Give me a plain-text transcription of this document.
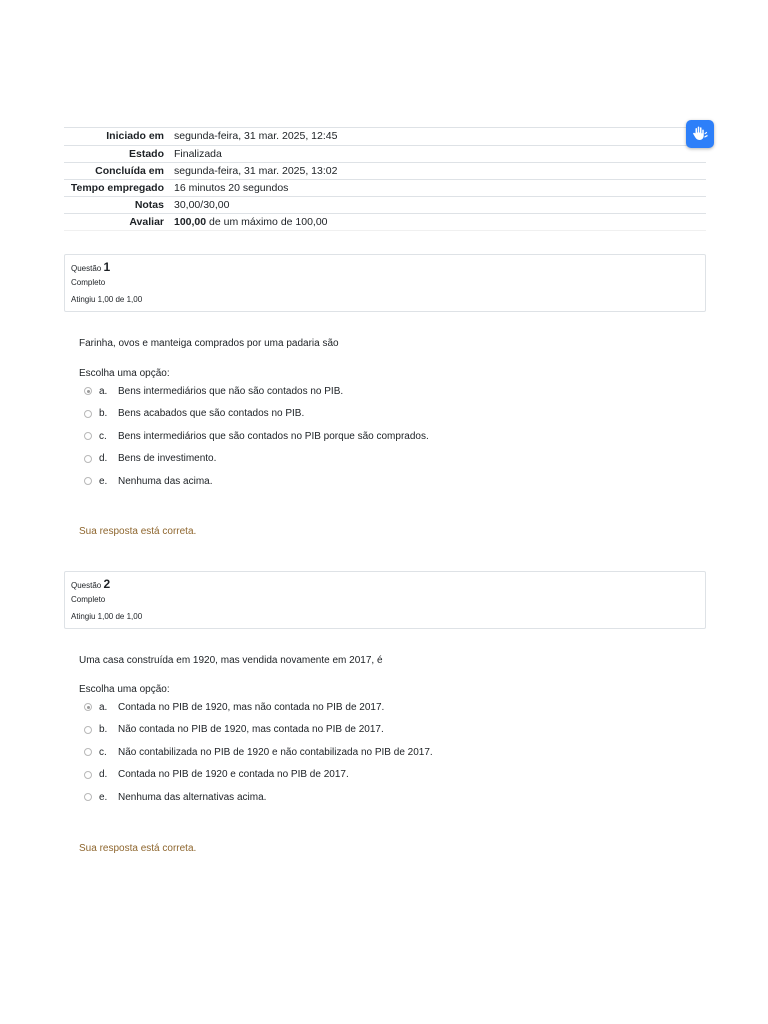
Iniciado em segunda-feira, 31 mar. 2025, 12:45
Estado Finalizada
Concluída em segunda-feira, 31 mar. 2025, 13:02
Tempo empregado 16 minutos 20 segundos
Notas 30,00/30,00
Avaliar 100,00 de um máximo de 100,00
Questão 1
Completo
Atingiu 1,00 de 1,00
Farinha, ovos e manteiga comprados por uma padaria são
Escolha uma opção:
a.	Bens intermediários que não são contados no PIB.
b.	Bens acabados que são contados no PIB.
c.	Bens intermediários que são contados no PIB porque são comprados.
d.	Bens de investimento.
e.	Nenhuma das acima.
Sua resposta está correta.
Questão 2
Completo
Atingiu 1,00 de 1,00
Uma casa construída em 1920, mas vendida novamente em 2017, é
Escolha uma opção:
a.	Contada no PIB de 1920, mas não contada no PIB de 2017.
b.	Não contada no PIB de 1920, mas contada no PIB de 2017.
c.	Não contabilizada no PIB de 1920 e não contabilizada no PIB de 2017.
d.	Contada no PIB de 1920 e contada no PIB de 2017.
e.	Nenhuma das alternativas acima.
Sua resposta está correta.
